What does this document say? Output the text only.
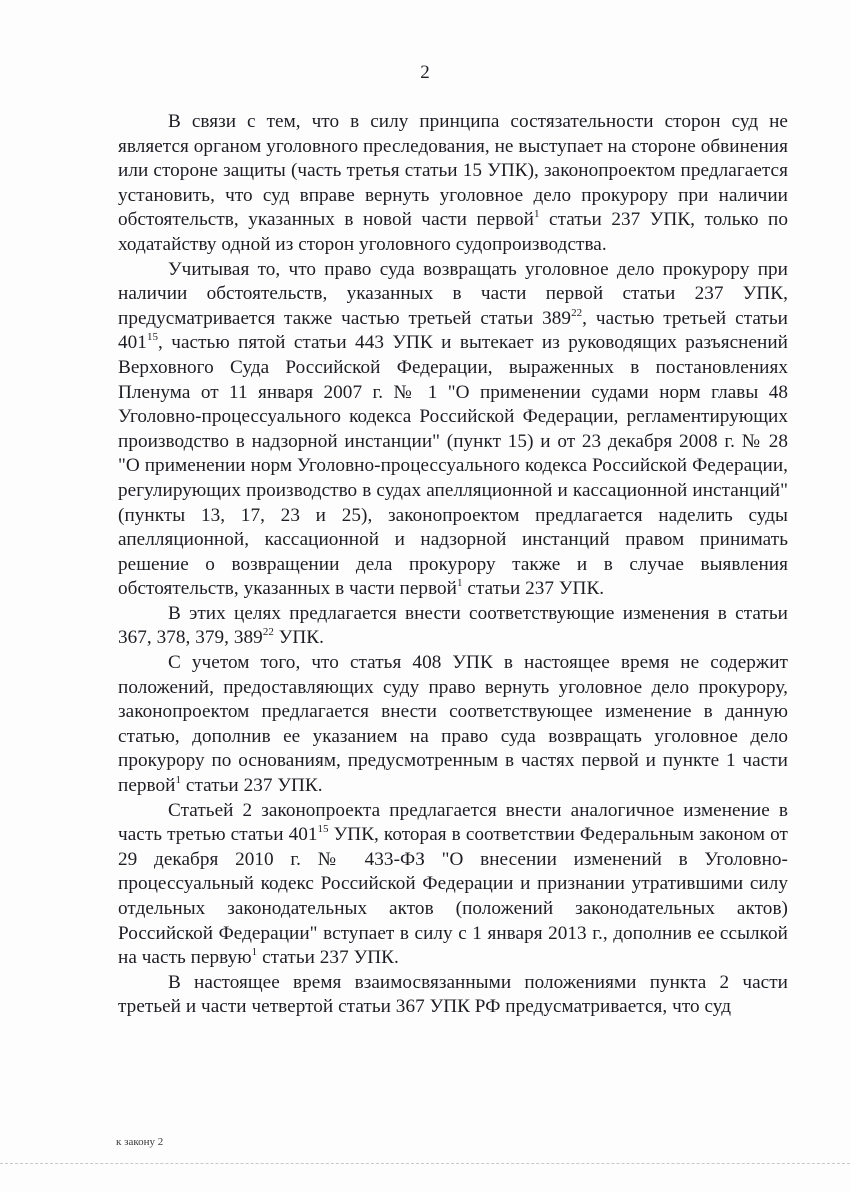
2

В связи с тем, что в силу принципа состязательности сторон суд не является органом уголовного преследования, не выступает на стороне обвинения или стороне защиты (часть третья статьи 15 УПК), законопроектом предлагается установить, что суд вправе вернуть уголовное дело прокурору при наличии обстоятельств, указанных в новой части первой$^1$ статьи 237 УПК, только по ходатайству одной из сторон уголовного судопроизводства.

Учитывая то, что право суда возвращать уголовное дело прокурору при наличии обстоятельств, указанных в части первой статьи 237 УПК, предусматривается также частью третьей статьи $389^{22}$, частью третьей статьи $401^{15}$, частью пятой статьи 443 УПК и вытекает из руководящих разъяснений Верховного Суда Российской Федерации, выраженных в постановлениях Пленума от 11 января 2007 г. № 1 "О применении судами норм главы 48 Уголовно-процессуального кодекса Российской Федерации, регламентирующих производство в надзорной инстанции" (пункт 15) и от 23 декабря 2008 г. № 28 "О применении норм Уголовно-процессуального кодекса Российской Федерации, регулирующих производство в судах апелляционной и кассационной инстанций" (пункты 13, 17, 23 и 25), законопроектом предлагается наделить суды апелляционной, кассационной и надзорной инстанций правом принимать решение о возвращении дела прокурору также и в случае выявления обстоятельств, указанных в части первой$^1$ статьи 237 УПК.

В этих целях предлагается внести соответствующие изменения в статьи 367, 378, 379, $389^{22}$ УПК.

С учетом того, что статья 408 УПК в настоящее время не содержит положений, предоставляющих суду право вернуть уголовное дело прокурору, законопроектом предлагается внести соответствующее изменение в данную статью, дополнив ее указанием на право суда возвращать уголовное дело прокурору по основаниям, предусмотренным в частях первой и пункте 1 части первой$^1$ статьи 237 УПК.

Статьей 2 законопроекта предлагается внести аналогичное изменение в часть третью статьи $401^{15}$ УПК, которая в соответствии Федеральным законом от 29 декабря 2010 г. № 433-ФЗ "О внесении изменений в Уголовно-процессуальный кодекс Российской Федерации и признании утратившими силу отдельных законодательных актов (положений законодательных актов) Российской Федерации" вступает в силу с 1 января 2013 г., дополнив ее ссылкой на часть первую$^1$ статьи 237 УПК.

В настоящее время взаимосвязанными положениями пункта 2 части третьей и части четвертой статьи 367 УПК РФ предусматривается, что суд

к закону 2
